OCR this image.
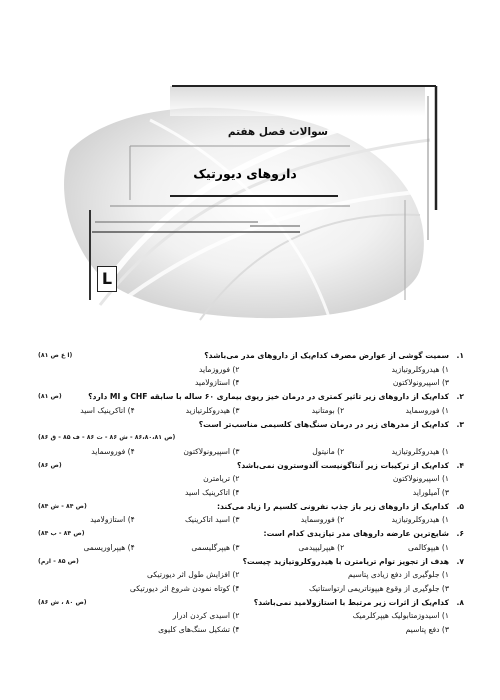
سوالات فصل هفتم
داروهای دیورتیک
L
۱.
سمیت گوشی از عوارض مصرف کدام‌یک از داروهای مدر می‌باشد؟
(ا ع ص ۸۱)
۱) هیدروکلروتیازید
۲) فوروزماید
۳) اسپیرونولاکتون
۴) استازولامید
۲.
کدام‌یک از داروهای زیر تاثیر کمتری در درمان خیز ریوی بیماری ۶۰ ساله با سابقه CHF و MI دارد؟
(ص ۸۱)
۱) فوروسماید
۲) بومتانید
۳) هیدروکلرتیازید
۴) اتاکرینیک اسید
۳.
کدام‌یک از مدرهای زیر در درمان سنگ‌های کلسیمی مناسب‌تر است؟
(ص ۸۶،۸۰،۸۱ - ش ۸۶ - ت ۸۶ - ف ۸۵ - ق ۸۶)
۱) هیدروکلروتیازید
۲) مانیتول
۳) اسپیرونولاکتون
۴) فوروسماید
۴.
کدام‌یک از ترکیبات زیر آنتاگونیست آلدوسترون نمی‌باشد؟
(ص ۸۶)
۱) اسپیرونولاکتون
۲) تریامترن
۳) آمیلوراید
۴) اتاکرینیک اسید
۵.
کدام‌یک از داروهای زیر باز جذب نفرونی کلسیم را زیاد می‌کند:
(ص ۸۴ - ش ۸۴)
۱) هیدروکلروتیازید
۲) فوروسماید
۳) اسید اتاکرینیک
۴) استازولامید
۶.
شایع‌ترین عارضه داروهای مدر تیازیدی کدام است:
(ص ۸۴ - ب ۸۴)
۱) هیپوکالمی
۲) هیپرلیپیدمی
۳) هیپرگلیسمی
۴) هیپراوریسمی
۷.
هدف از تجویز توام تریامترن با هیدروکلروتیازید چیست؟
(ص ۸۵ - ارم)
۱) جلوگیری از دفع زیادی پتاسیم
۲) افزایش طول اثر دیورتیکی
۳) جلوگیری از وقوع هیپوناتریمی ارتواستاتیک
۴) کوتاه نمودن شروع اثر دیورتیکی
۸.
کدام‌یک از اثرات زیر مرتبط با استازولامید نمی‌باشد؟
(ص ۸۰ ، ش ۸۶)
۱) اسیدوزمتابولیک هیپرکلرمیک
۲) اسیدی کردن ادرار
۳) دفع پتاسیم
۴) تشکیل سنگ‌های کلیوی
